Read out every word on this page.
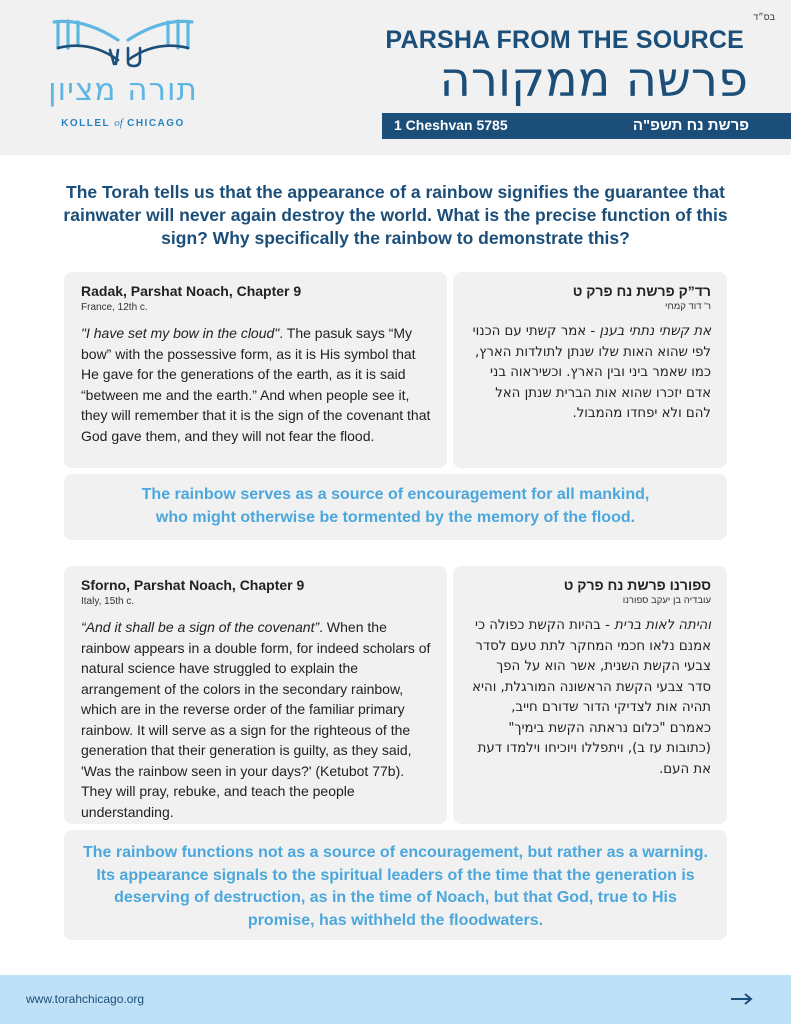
בס״ד
תורה מציון
KOLLEL of CHICAGO
PARSHA FROM THE SOURCE
פרשה ממקורה
1 Cheshvan 5785	פרשת נח תשפ"ה
The Torah tells us that the appearance of a rainbow signifies the guarantee that rainwater will never again destroy the world. What is the precise function of this sign? Why specifically the rainbow to demonstrate this?
Radak, Parshat Noach, Chapter 9
France, 12th c.
"I have set my bow in the cloud". The pasuk says “My bow” with the possessive form, as it is His symbol that He gave for the generations of the earth, as it is said “between me and the earth.” And when people see it, they will remember that it is the sign of the covenant that God gave them, and they will not fear the flood.
רד”ק פרשת נח פרק ט
ר' דוד קמחי
את קשתי נתתי בענן - אמר קשתי עם הכנוי לפי שהוא האות שלו שנתן לתולדות הארץ, כמו שאמר ביני ובין הארץ. וכשיראוה בני אדם יזכרו שהוא אות הברית שנתן האל להם ולא יפחדו מהמבול.
The rainbow serves as a source of encouragement for all mankind, who might otherwise be tormented by the memory of the flood.
Sforno, Parshat Noach, Chapter 9
Italy, 15th c.
“And it shall be a sign of the covenant”. When the rainbow appears in a double form, for indeed scholars of natural science have struggled to explain the arrangement of the colors in the secondary rainbow, which are in the reverse order of the familiar primary rainbow. It will serve as a sign for the righteous of the generation that their generation is guilty, as they said, 'Was the rainbow seen in your days?' (Ketubot 77b). They will pray, rebuke, and teach the people understanding.
ספורנו פרשת נח פרק ט
עובדיה בן יעקב ספורנו
והיתה לאות ברית - בהיות הקשת כפולה כי אמנם נלאו חכמי המחקר לתת טעם לסדר צבעי הקשת השנית, אשר הוא על הפך סדר צבעי הקשת הראשונה המורגלת, והיא תהיה אות לצדיקי הדור שדורם חייב, כאמרם "כלום נראתה הקשת בימיך" (כתובות עז ב), ויתפללו ויוכיחו וילמדו דעת את העם.
The rainbow functions not as a source of encouragement, but rather as a warning. Its appearance signals to the spiritual leaders of the time that the generation is deserving of destruction, as in the time of Noach, but that God, true to His promise, has withheld the floodwaters.
www.torahchicago.org
